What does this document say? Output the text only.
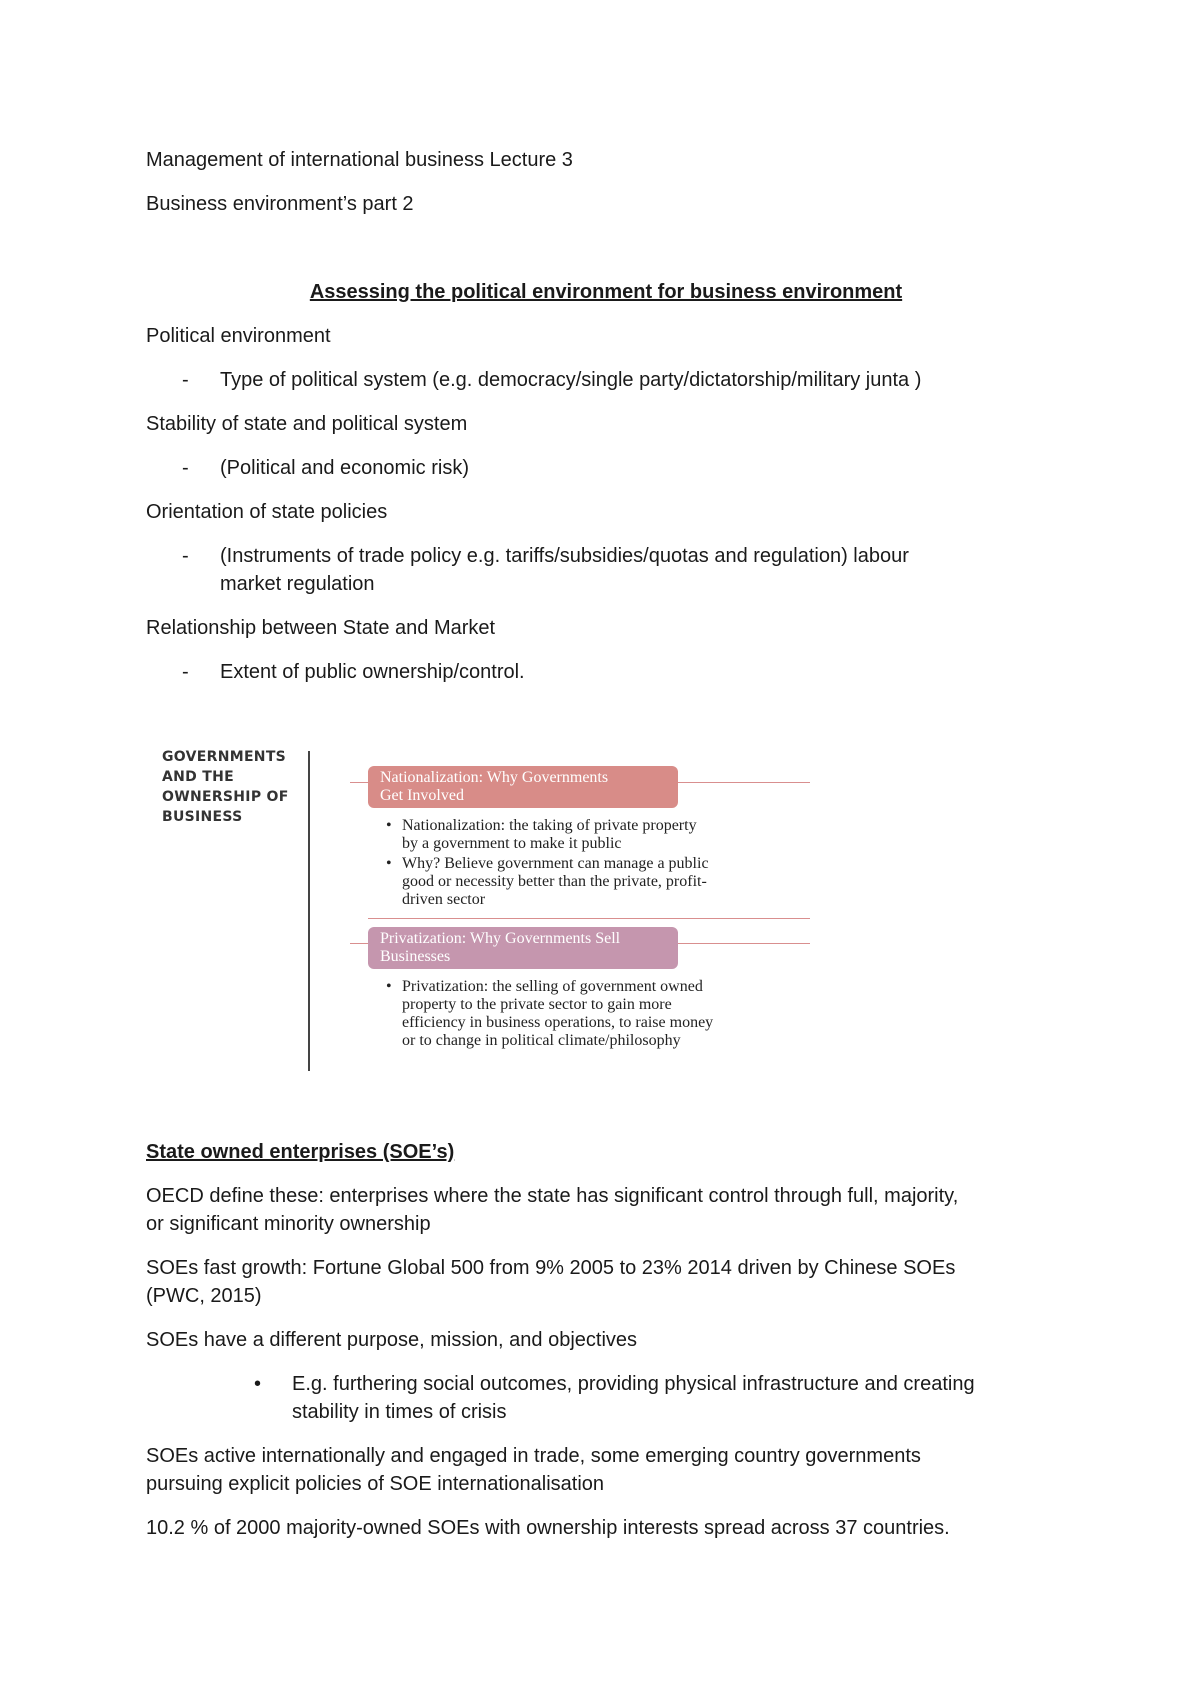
Management of international business Lecture 3
Business environment’s part 2
Assessing the political environment for business environment
Political environment
- Type of political system (e.g. democracy/single party/dictatorship/military junta )
Stability of state and political system
- (Political and economic risk)
Orientation of state policies
- (Instruments of trade policy e.g. tariffs/subsidies/quotas and regulation) labour
market regulation
Relationship between State and Market
- Extent of public ownership/control.
State owned enterprises (SOE’s)
OECD define these: enterprises where the state has significant control through full, majority,
or significant minority ownership
SOEs fast growth: Fortune Global 500 from 9% 2005 to 23% 2014 driven by Chinese SOEs
(PWC, 2015)
SOEs have a different purpose, mission, and objectives
• E.g. furthering social outcomes, providing physical infrastructure and creating
stability in times of crisis
SOEs active internationally and engaged in trade, some emerging country governments
pursuing explicit policies of SOE internationalisation
10.2 % of 2000 majority-owned SOEs with ownership interests spread across 37 countries.
GOVERNMENTS
AND THE
OWNERSHIP OF
BUSINESS
Nationalization: Why Governments
Get Involved
• Nationalization: the taking of private property
by a government to make it public
• Why? Believe government can manage a public
good or necessity better than the private, profit-
driven sector
Privatization: Why Governments Sell
Businesses
• Privatization: the selling of government owned
property to the private sector to gain more
efficiency in business operations, to raise money
or to change in political climate/philosophy
